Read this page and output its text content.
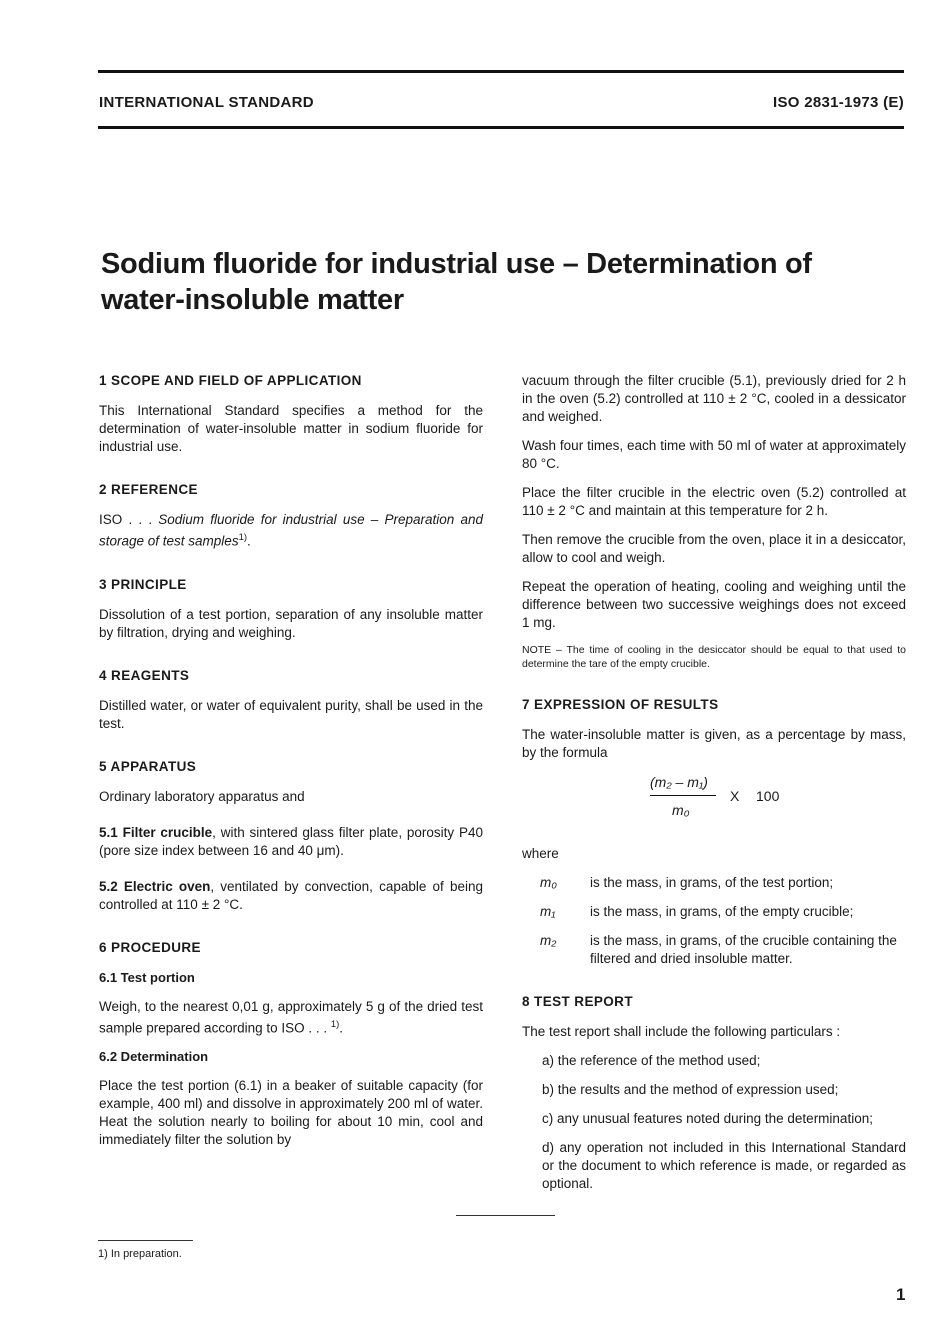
INTERNATIONAL STANDARD	ISO 2831-1973 (E)
Sodium fluoride for industrial use – Determination of water-insoluble matter
1 SCOPE AND FIELD OF APPLICATION

This International Standard specifies a method for the determination of water-insoluble matter in sodium fluoride for industrial use.

2 REFERENCE

ISO . . . Sodium fluoride for industrial use – Preparation and storage of test samples$^{1)}$.

3 PRINCIPLE

Dissolution of a test portion, separation of any insoluble matter by filtration, drying and weighing.

4 REAGENTS

Distilled water, or water of equivalent purity, shall be used in the test.

5 APPARATUS

Ordinary laboratory apparatus and

5.1 Filter crucible, with sintered glass filter plate, porosity P40 (pore size index between 16 and 40 μm).

5.2 Electric oven, ventilated by convection, capable of being controlled at 110 ± 2 °C.

6 PROCEDURE
6.1 Test portion

Weigh, to the nearest 0,01 g, approximately 5 g of the dried test sample prepared according to ISO . . . $^{1)}$.

6.2 Determination

Place the test portion (6.1) in a beaker of suitable capacity (for example, 400 ml) and dissolve in approximately 200 ml of water. Heat the solution nearly to boiling for about 10 min, cool and immediately filter the solution by

vacuum through the filter crucible (5.1), previously dried for 2 h in the oven (5.2) controlled at 110 ± 2 °C, cooled in a dessicator and weighed.

Wash four times, each time with 50 ml of water at approximately 80 °C.

Place the filter crucible in the electric oven (5.2) controlled at 110 ± 2 °C and maintain at this temperature for 2 h.

Then remove the crucible from the oven, place it in a desiccator, allow to cool and weigh.

Repeat the operation of heating, cooling and weighing until the difference between two successive weighings does not exceed 1 mg.

NOTE – The time of cooling in the desiccator should be equal to that used to determine the tare of the empty crucible.

7 EXPRESSION OF RESULTS

The water-insoluble matter is given, as a percentage by mass, by the formula

(m₂ – m₁)
m₀
X 100

where

m₀	is the mass, in grams, of the test portion;
m₁	is the mass, in grams, of the empty crucible;
m₂	is the mass, in grams, of the crucible containing the filtered and dried insoluble matter.
8 TEST REPORT

The test report shall include the following particulars :

a) the reference of the method used;

b) the results and the method of expression used;

c) any unusual features noted during the determination;

d) any operation not included in this International Standard or the document to which reference is made, or regarded as optional.

1) In preparation.
1
